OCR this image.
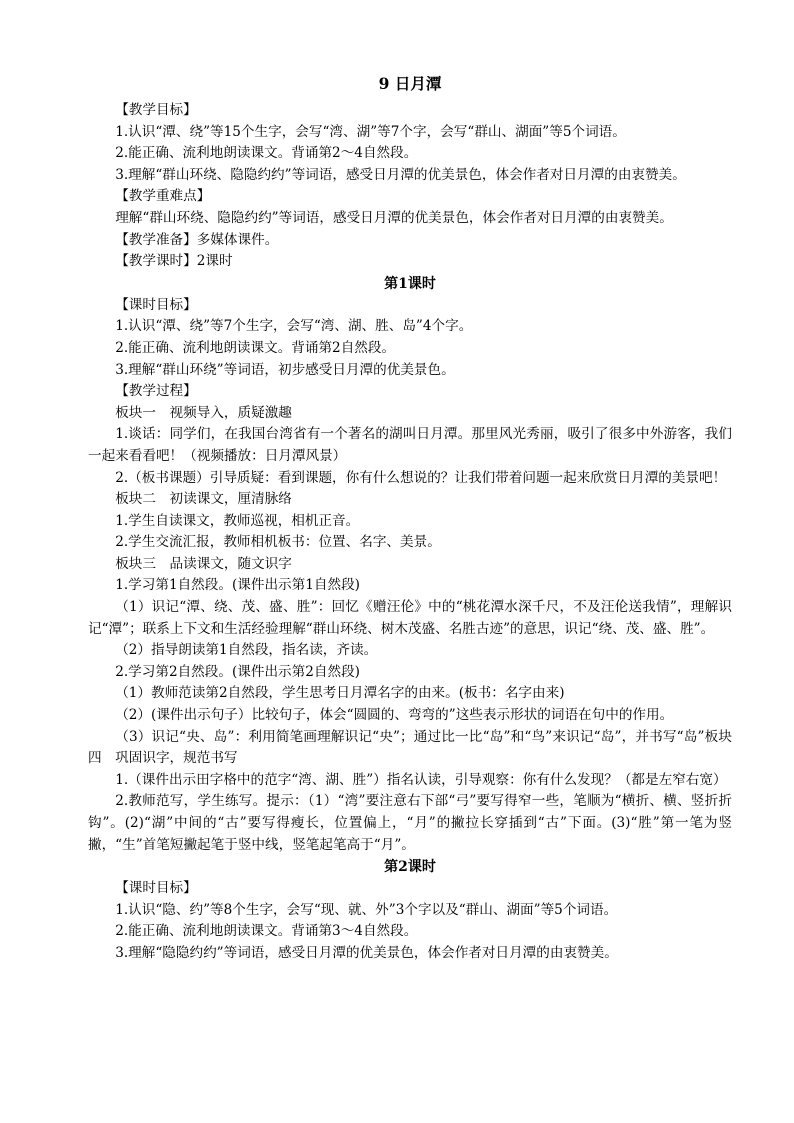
9 日月潭

【教学目标】

1.认识“潭、绕”等15个生字，会写“湾、湖”等7个字，会写“群山、湖面”等5个词语。

2.能正确、流利地朗读课文。背诵第2～4自然段。

3.理解“群山环绕、隐隐约约”等词语，感受日月潭的优美景色，体会作者对日月潭的由衷赞美。

【教学重难点】

理解“群山环绕、隐隐约约”等词语，感受日月潭的优美景色，体会作者对日月潭的由衷赞美。

【教学准备】多媒体课件。

【教学课时】2课时

第1课时

【课时目标】

1.认识“潭、绕”等7个生字，会写“湾、湖、胜、岛”4个字。

2.能正确、流利地朗读课文。背诵第2自然段。

3.理解“群山环绕”等词语，初步感受日月潭的优美景色。

【教学过程】

板块一　视频导入，质疑激趣

1.谈话：同学们，在我国台湾省有一个著名的湖叫日月潭。那里风光秀丽，吸引了很多中外游客，我们一起来看看吧！（视频播放：日月潭风景）

2.（板书课题）引导质疑：看到课题，你有什么想说的？让我们带着问题一起来欣赏日月潭的美景吧！

板块二　初读课文，厘清脉络

1.学生自读课文，教师巡视，相机正音。

2.学生交流汇报，教师相机板书：位置、名字、美景。

板块三　品读课文，随文识字

1.学习第1自然段。(课件出示第1自然段)

（1）识记“潭、绕、茂、盛、胜”：回忆《赠汪伦》中的“桃花潭水深千尺，不及汪伦送我情”，理解识记“潭”；联系上下文和生活经验理解“群山环绕、树木茂盛、名胜古迹”的意思，识记“绕、茂、盛、胜”。

（2）指导朗读第1自然段，指名读，齐读。

2.学习第2自然段。(课件出示第2自然段)

（1）教师范读第2自然段，学生思考日月潭名字的由来。(板书：名字由来)

（2）(课件出示句子）比较句子，体会“圆圆的、弯弯的”这些表示形状的词语在句中的作用。

（3）识记“央、岛”：利用简笔画理解识记“央”；通过比一比“岛”和“鸟”来识记“岛”，并书写“岛”板块四　巩固识字，规范书写

1.（课件出示田字格中的范字“湾、湖、胜”）指名认读，引导观察：你有什么发现？（都是左窄右宽）

2.教师范写，学生练写。提示：（1）“湾”要注意右下部“弓”要写得窄一些，笔顺为“横折、横、竖折折钩”。(2)“湖”中间的“古”要写得瘦长，位置偏上，“月”的撇拉长穿插到“古”下面。(3)“胜”第一笔为竖撇，“生”首笔短撇起笔于竖中线，竖笔起笔高于“月”。

第2课时

【课时目标】

1.认识“隐、约”等8个生字，会写“现、就、外”3个字以及“群山、湖面”等5个词语。

2.能正确、流利地朗读课文。背诵第3～4自然段。

3.理解“隐隐约约”等词语，感受日月潭的优美景色，体会作者对日月潭的由衷赞美。
